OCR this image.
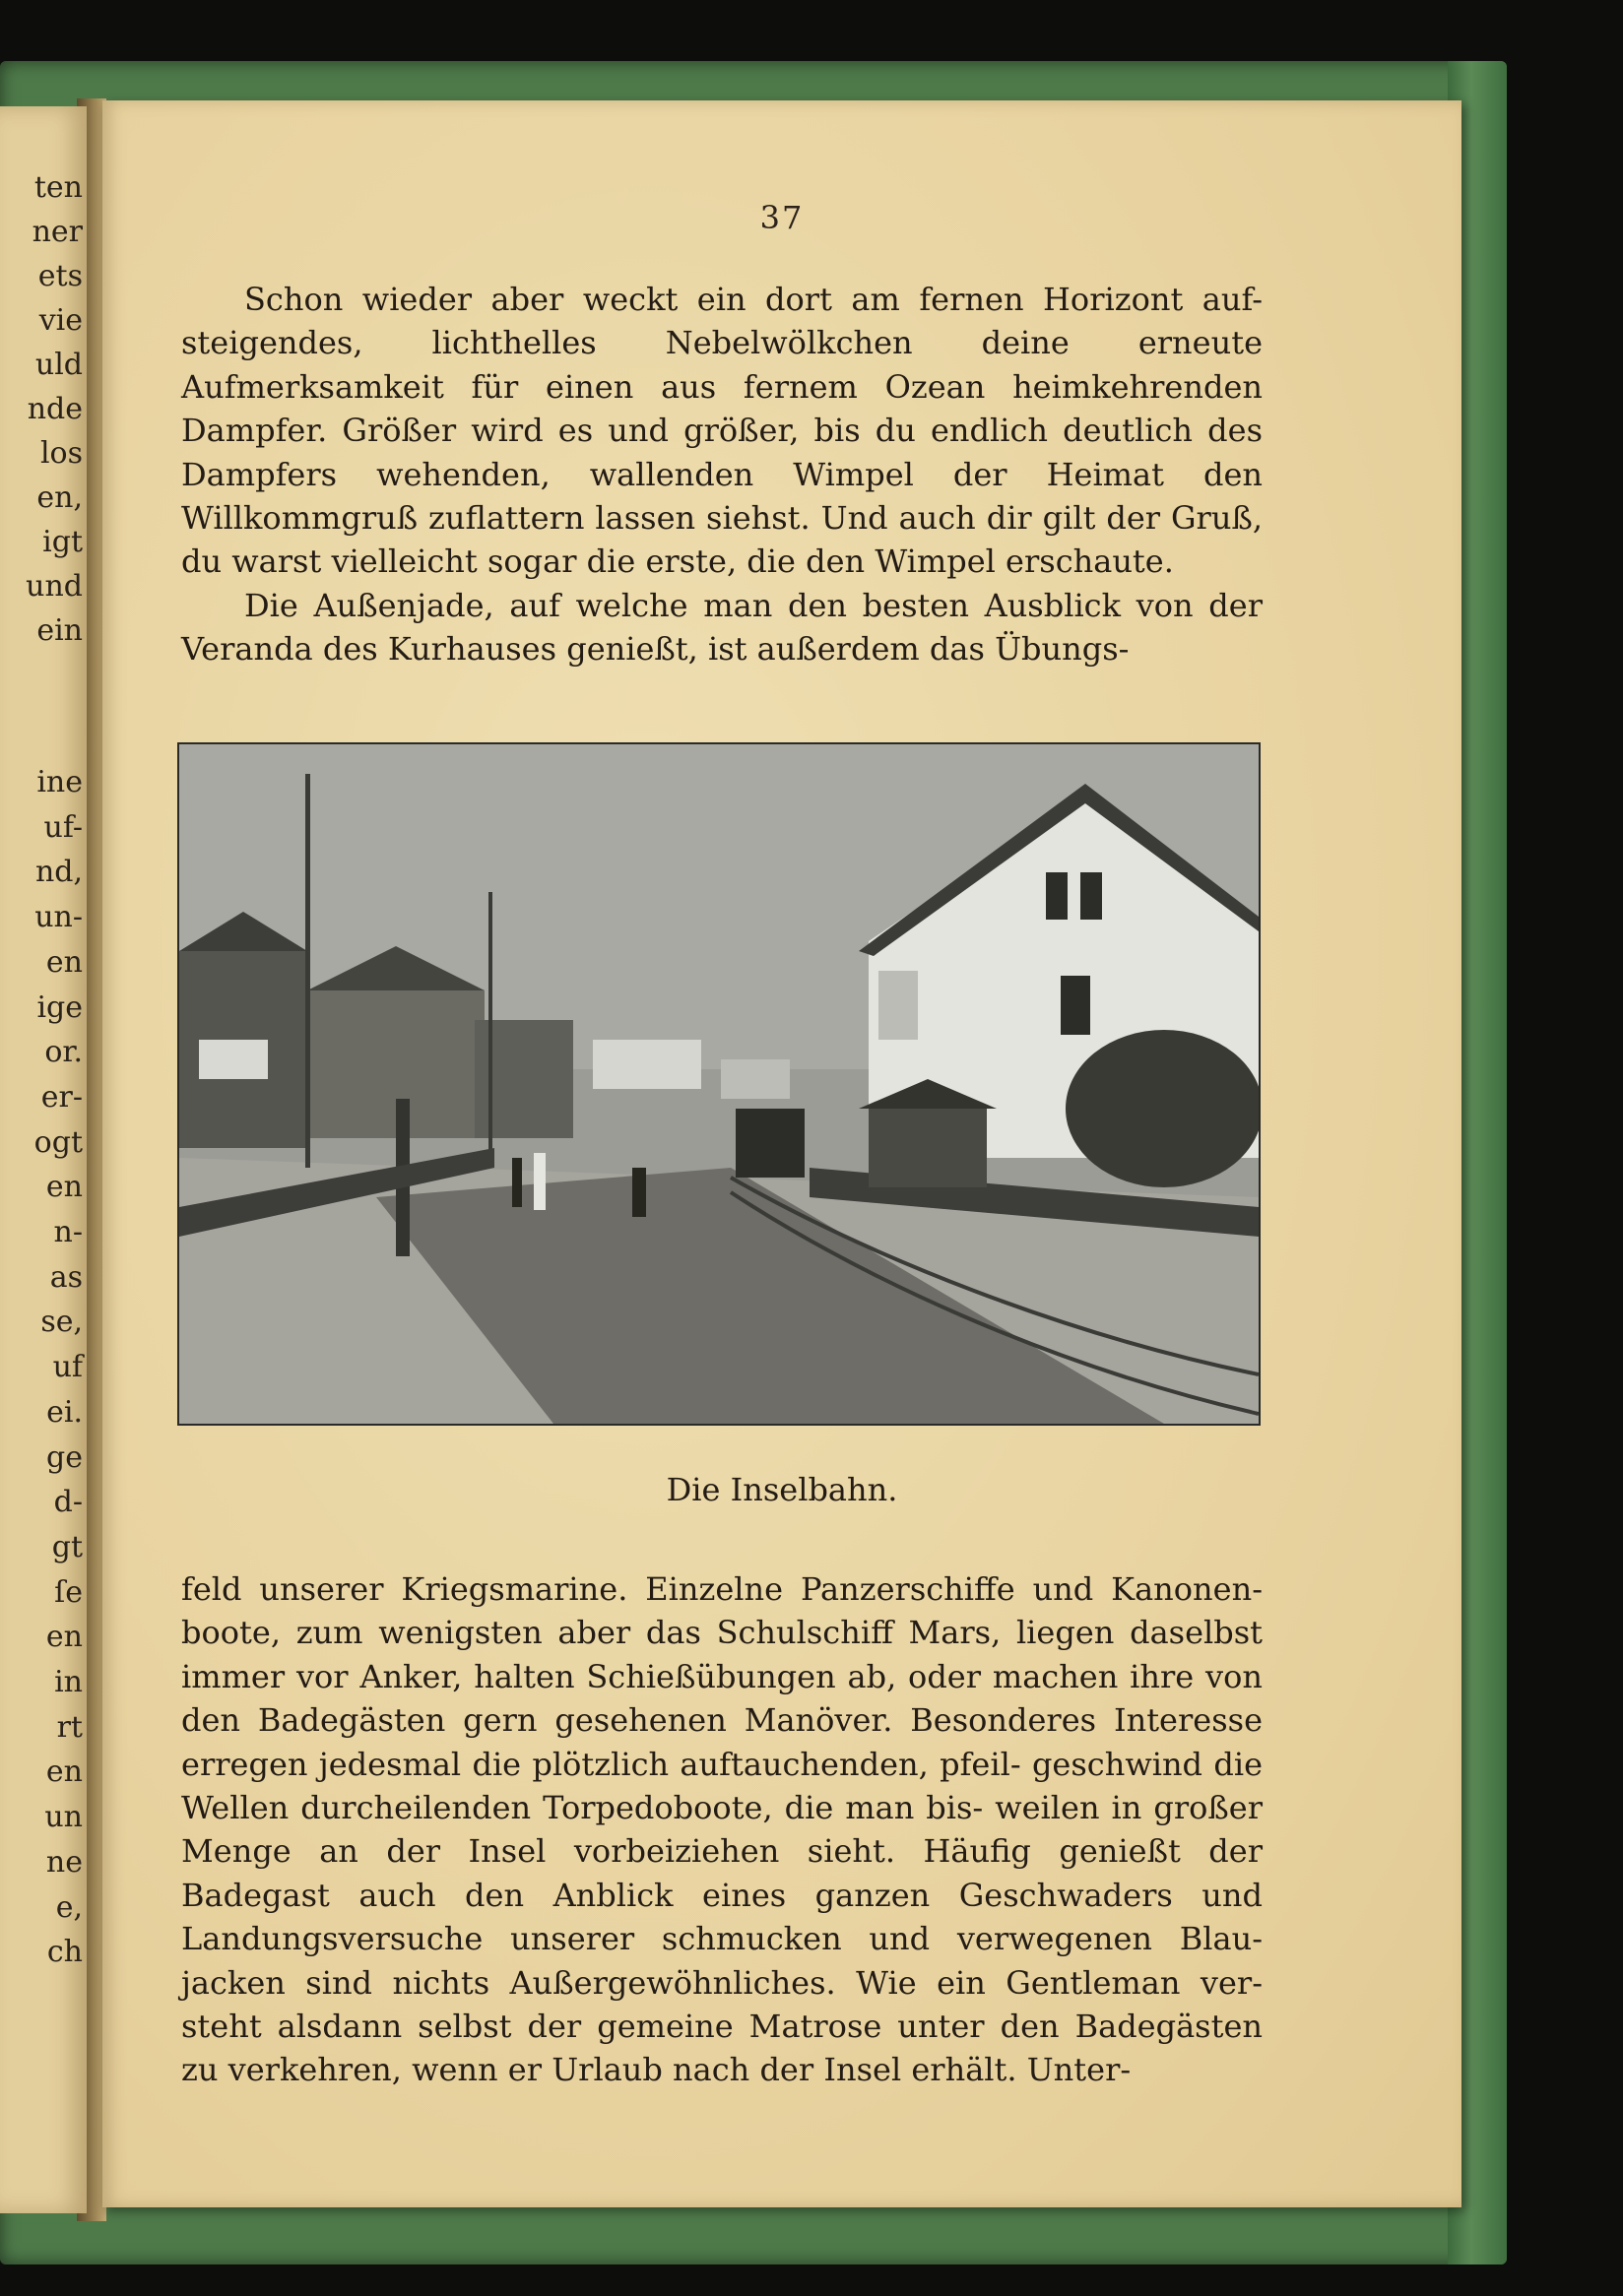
ten
ner
ets
vie
uld
nde
los
en,
igt
und
ein
ine
uf-
nd,
un-
en
ige
or.
er-
ogt
en
n-
as
se,
uf
ei.
ge
d-
gt
ſe
en
in
rt
en
un
ne
e,
ch
37

Schon wieder aber weckt ein dort am fernen Horizont auf- steigendes, lichthelles Nebelwölkchen deine erneute Aufmerksamkeit für einen aus fernem Ozean heimkehrenden Dampfer. Größer wird es und größer, bis du endlich deutlich des Dampfers wehenden, wallenden Wimpel der Heimat den Willkommgruß zuflattern lassen siehst. Und auch dir gilt der Gruß, du warst vielleicht sogar die erste, die den Wimpel erschaute.

Die Außenjade, auf welche man den besten Ausblick von der Veranda des Kurhauses genießt, ist außerdem das Übungs-

Die Inselbahn.

feld unserer Kriegsmarine. Einzelne Panzerschiffe und Kanonen- boote, zum wenigsten aber das Schulschiff Mars, liegen daselbst immer vor Anker, halten Schießübungen ab, oder machen ihre von den Badegästen gern gesehenen Manöver. Besonderes Interesse erregen jedesmal die plötzlich auftauchenden, pfeil- geschwind die Wellen durcheilenden Torpedoboote, die man bis- weilen in großer Menge an der Insel vorbeiziehen sieht. Häufig genießt der Badegast auch den Anblick eines ganzen Geschwaders und Landungsversuche unserer schmucken und verwegenen Blau- jacken sind nichts Außergewöhnliches. Wie ein Gentleman ver- steht alsdann selbst der gemeine Matrose unter den Badegästen zu verkehren, wenn er Urlaub nach der Insel erhält. Unter-
